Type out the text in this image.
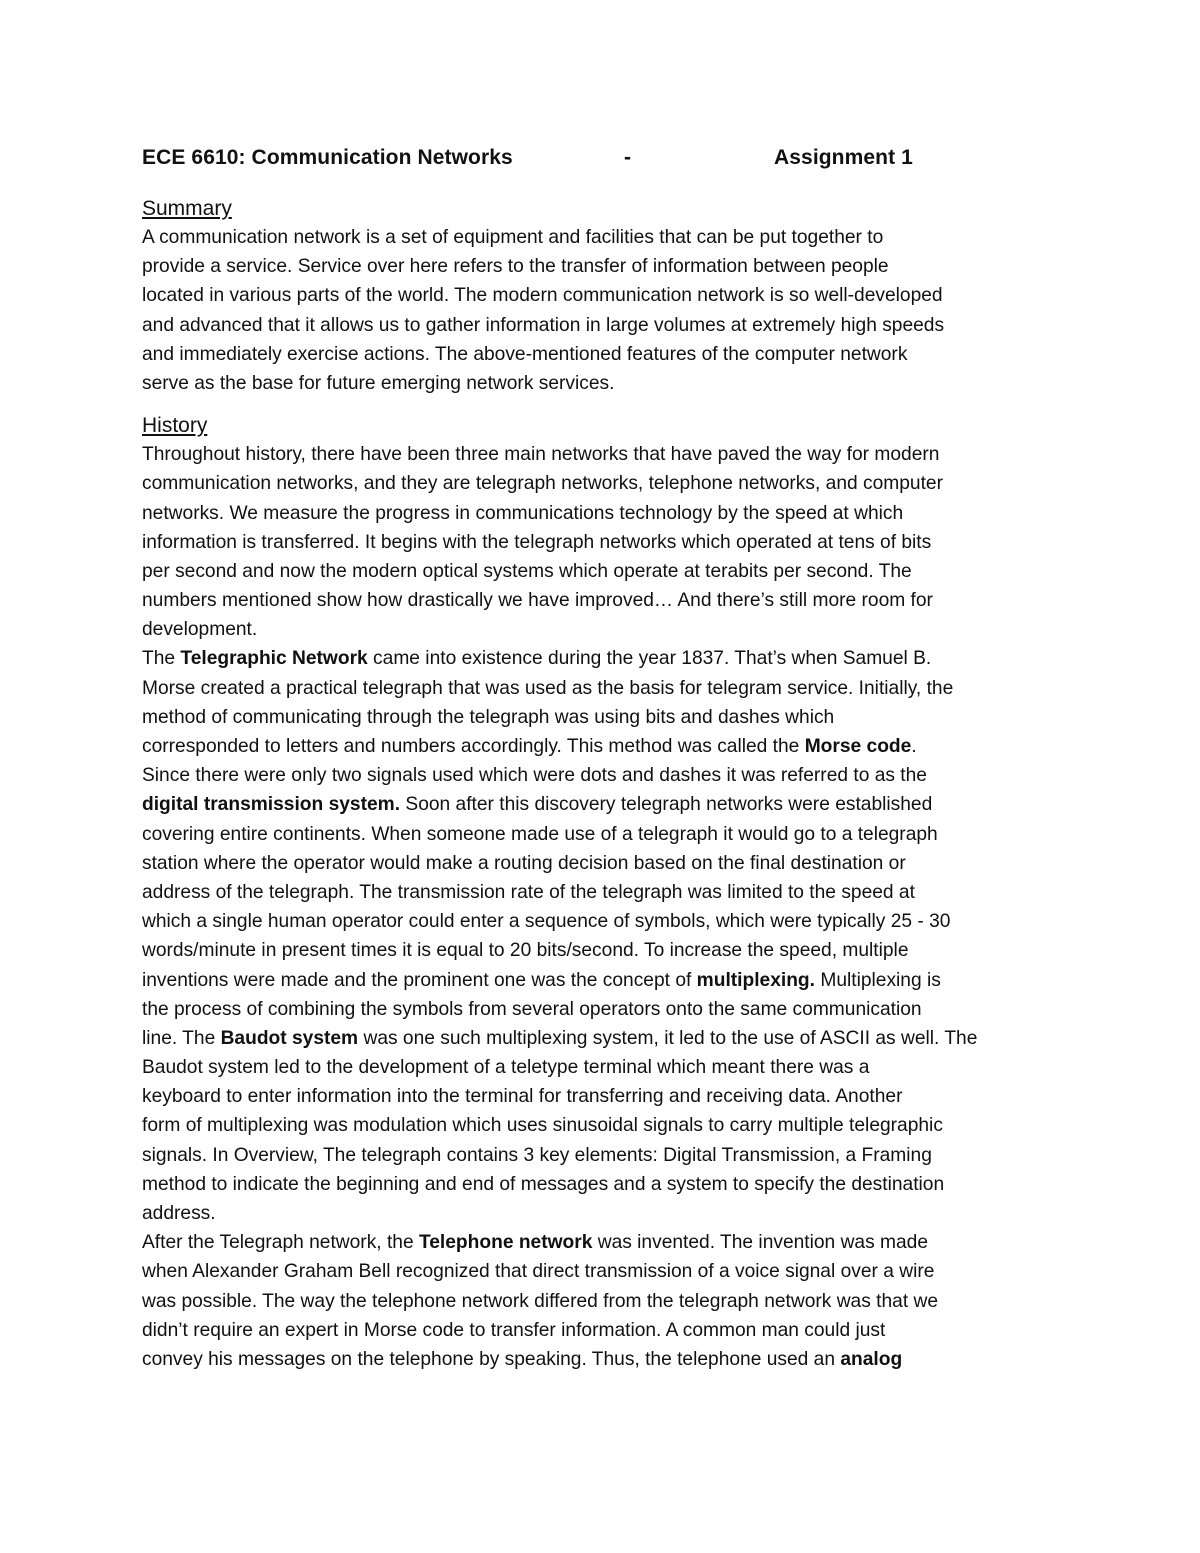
ECE 6610: Communication Networks	-	Assignment 1
Summary
A communication network is a set of equipment and facilities that can be put together to
provide a service. Service over here refers to the transfer of information between people
located in various parts of the world. The modern communication network is so well-developed
and advanced that it allows us to gather information in large volumes at extremely high speeds
and immediately exercise actions. The above-mentioned features of the computer network
serve as the base for future emerging network services.
History
Throughout history, there have been three main networks that have paved the way for modern
communication networks, and they are telegraph networks, telephone networks, and computer
networks. We measure the progress in communications technology by the speed at which
information is transferred. It begins with the telegraph networks which operated at tens of bits
per second and now the modern optical systems which operate at terabits per second. The
numbers mentioned show how drastically we have improved… And there’s still more room for
development.
The Telegraphic Network came into existence during the year 1837. That’s when Samuel B.
Morse created a practical telegraph that was used as the basis for telegram service. Initially, the
method of communicating through the telegraph was using bits and dashes which
corresponded to letters and numbers accordingly. This method was called the Morse code.
Since there were only two signals used which were dots and dashes it was referred to as the
digital transmission system. Soon after this discovery telegraph networks were established
covering entire continents. When someone made use of a telegraph it would go to a telegraph
station where the operator would make a routing decision based on the final destination or
address of the telegraph. The transmission rate of the telegraph was limited to the speed at
which a single human operator could enter a sequence of symbols, which were typically 25 - 30
words/minute in present times it is equal to 20 bits/second. To increase the speed, multiple
inventions were made and the prominent one was the concept of multiplexing. Multiplexing is
the process of combining the symbols from several operators onto the same communication
line. The Baudot system was one such multiplexing system, it led to the use of ASCII as well. The
Baudot system led to the development of a teletype terminal which meant there was a
keyboard to enter information into the terminal for transferring and receiving data. Another
form of multiplexing was modulation which uses sinusoidal signals to carry multiple telegraphic
signals. In Overview, The telegraph contains 3 key elements: Digital Transmission, a Framing
method to indicate the beginning and end of messages and a system to specify the destination
address.
After the Telegraph network, the Telephone network was invented. The invention was made
when Alexander Graham Bell recognized that direct transmission of a voice signal over a wire
was possible. The way the telephone network differed from the telegraph network was that we
didn’t require an expert in Morse code to transfer information. A common man could just
convey his messages on the telephone by speaking. Thus, the telephone used an analog
